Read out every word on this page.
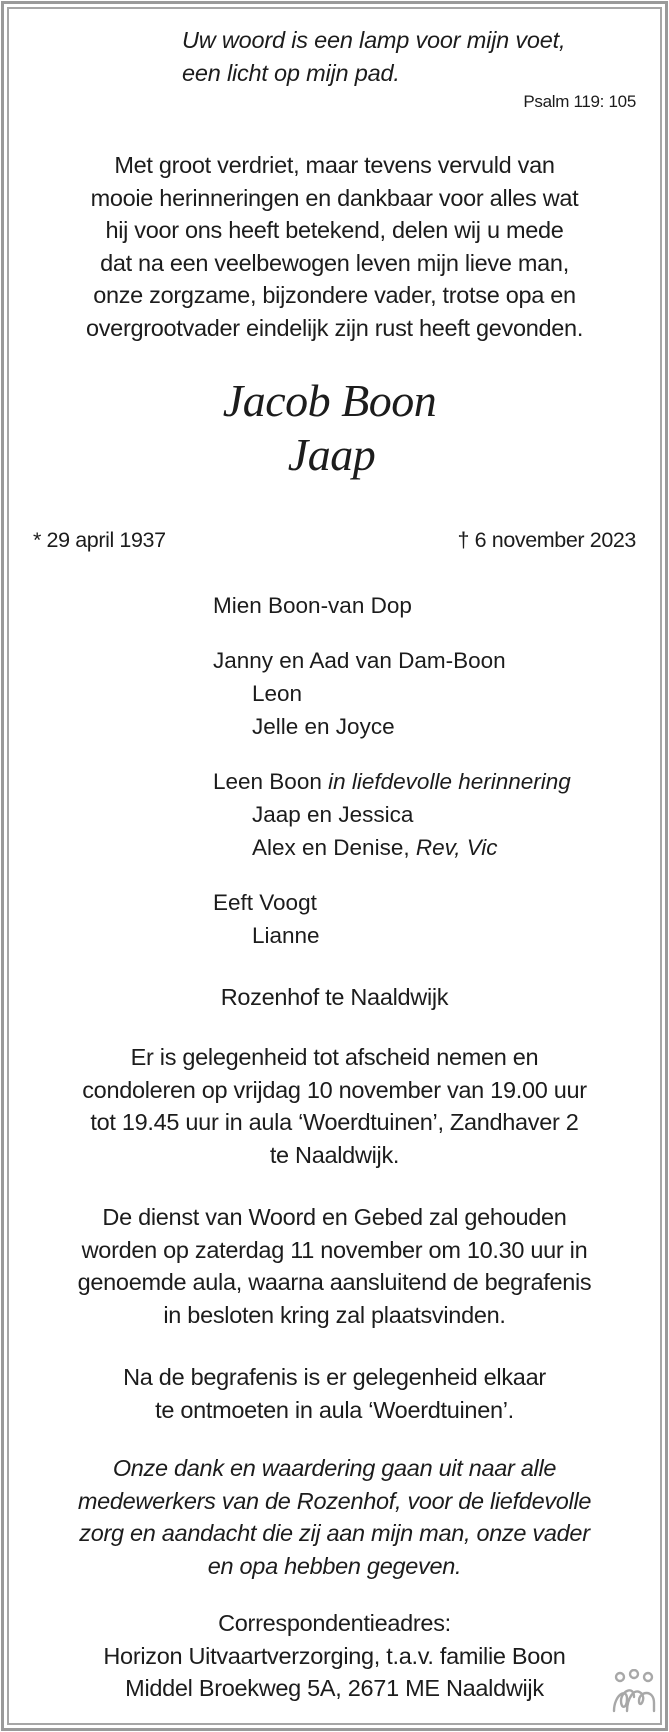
Uw woord is een lamp voor mijn voet,
een licht op mijn pad.
Psalm 119: 105
Met groot verdriet, maar tevens vervuld van
mooie herinneringen en dankbaar voor alles wat
hij voor ons heeft betekend, delen wij u mede
dat na een veelbewogen leven mijn lieve man,
onze zorgzame, bijzondere vader, trotse opa en
overgrootvader eindelijk zijn rust heeft gevonden.
Jacob Boon
Jaap
* 29 april 1937	† 6 november 2023
Mien Boon-van Dop
Janny en Aad van Dam-Boon
Leon
Jelle en Joyce
Leen Boon in liefdevolle herinnering
Jaap en Jessica
Alex en Denise, Rev, Vic
Eeft Voogt
Lianne
Rozenhof te Naaldwijk
Er is gelegenheid tot afscheid nemen en
condoleren op vrijdag 10 november van 19.00 uur
tot 19.45 uur in aula ‘Woerdtuinen’, Zandhaver 2
te Naaldwijk.
De dienst van Woord en Gebed zal gehouden
worden op zaterdag 11 november om 10.30 uur in
genoemde aula, waarna aansluitend de begrafenis
in besloten kring zal plaatsvinden.
Na de begrafenis is er gelegenheid elkaar
te ontmoeten in aula ‘Woerdtuinen’.
Onze dank en waardering gaan uit naar alle
medewerkers van de Rozenhof, voor de liefdevolle
zorg en aandacht die zij aan mijn man, onze vader
en opa hebben gegeven.
Correspondentieadres:
Horizon Uitvaartverzorging, t.a.v. familie Boon
Middel Broekweg 5A, 2671 ME Naaldwijk
